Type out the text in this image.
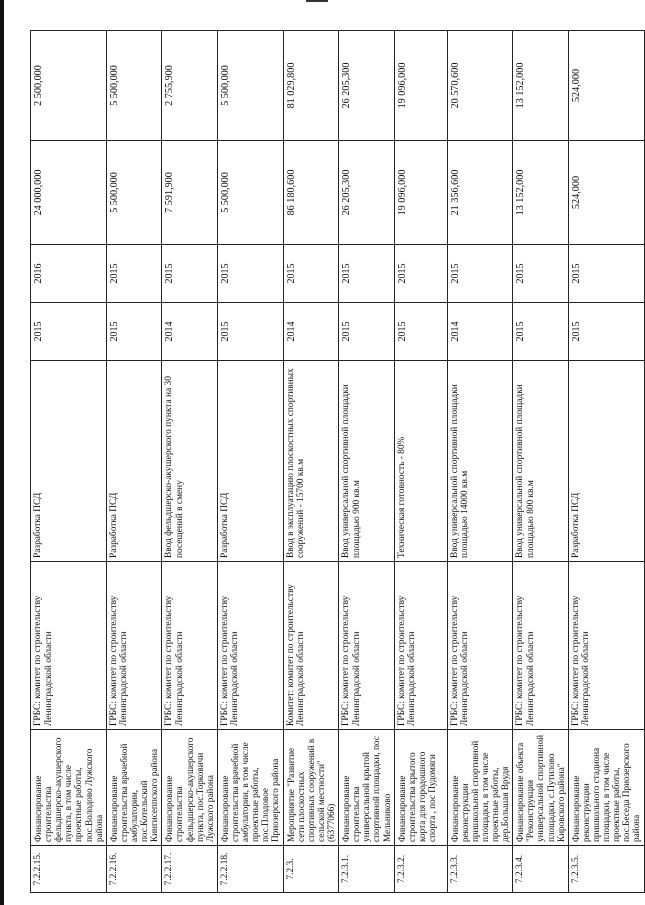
7.2.2.15.	Финансирование строительства фельдшерско-акушерского пункта, в том числе проектные работы, пос.Володово Лужского района	ГРБС: комитет по строительству Ленинградской области	Разработка ПСД	2015	2016	24 000,000	2 500,000
7.2.2.16.	Финансирование строительства врачебной амбулатории, пос.Котельский Кингисеппского района	ГРБС: комитет по строительству Ленинградской области	Разработка ПСД	2015	2015	5 500,000	5 500,000
7.2.2.17.	Финансирование строительства фельдшерско-акушерского пункта, пос.Торковичи Лужского района	ГРБС: комитет по строительству Ленинградской области	Ввод фельдшерско-акушерского пункта на 30 посещений в смену	2014	2015	7 591,900	2 755,900
7.2.2.18.	Финансирование строительства врачебной амбулатории, в том числе проектные работы, пос.Плодовое Приозерского района	ГРБС: комитет по строительству Ленинградской области	Разработка ПСД	2015	2015	5 500,000	5 500,000
7.2.3.	Мероприятие "Развитие сети плоскостных спортивных сооружений в сельской местности" (6377066)	Комитет: комитет по строительству Ленинградской области	Ввод в эксплуатацию плоскостных спортивных сооружений - 15700 кв.м	2014	2015	86 180,600	81 029,800
7.2.3.1.	Финансирование строительства универсальной крытой спортивной площадки, пос Мельниково	ГРБС: комитет по строительству Ленинградской области	Ввод универсальной спортивной площадки площадью 900 кв.м	2015	2015	26 205,300	26 205,300
7.2.3.2.	Финансирование строительства крытого корта для городошного спорта , пос Пудомяги	ГРБС: комитет по строительству Ленинградской области	Техническая готовность - 80%	2015	2015	19 096,000	19 096,000
7.2.3.3.	Финансирование реконструкции пришкольной спортивной площадки, в том числе проектные работы, дер.Большая Врудя	ГРБС: комитет по строительству Ленинградской области	Ввод универсальной спортивной площадки площадью 14000 кв.м	2014	2015	21 356,600	20 570,600
7.2.3.4.	Финансирование объекта "Реконструкция универсальной спортивной площадки, с.Путилово Кировского района"	ГРБС: комитет по строительству Ленинградской области	Ввод универсальной спортивной площадки площадью 800 кв.м	2015	2015	13 152,000	13 152,000
7.2.3.5.	Финансирование реконструкции пришкольного стадиона площадки, в том числе проектные работы, пос.Беседа Приозерского района	ГРБС: комитет по строительству Ленинградской области	Разработка ПСД	2015	2015	524,000	524,000
